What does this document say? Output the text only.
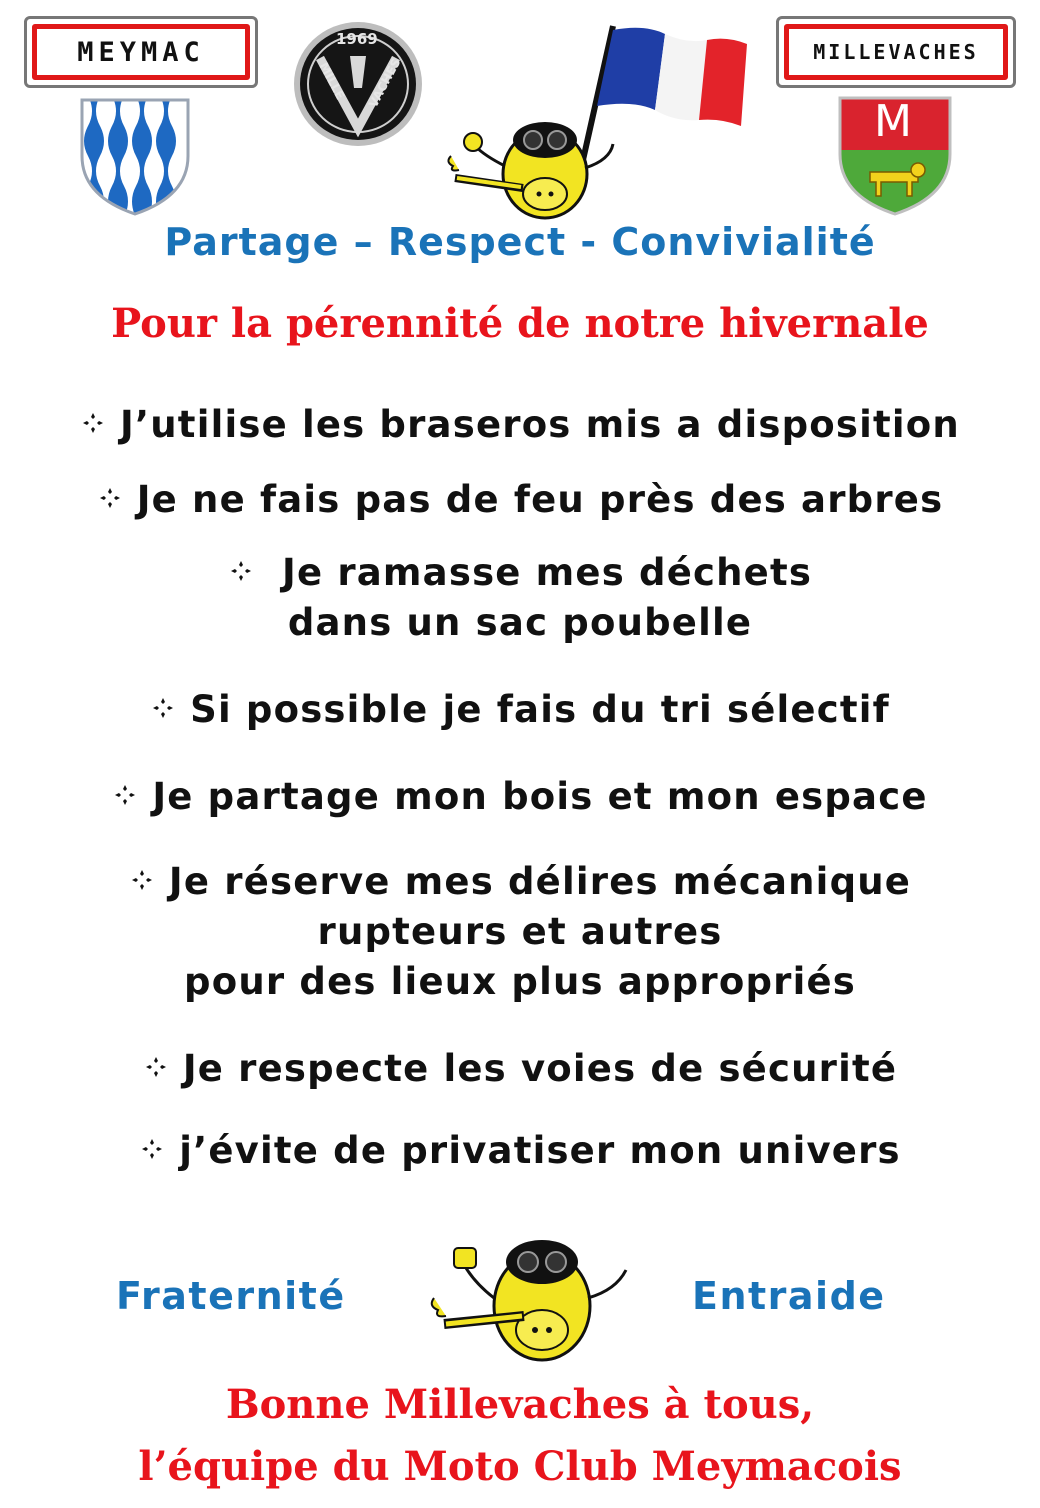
MEYMAC	1969
MILLE VACHES
MILLEVACHES
M
Partage – Respect - Convivialité
Pour la pérennité de notre hivernale
J’utilise les braseros mis a disposition
Je ne fais pas de feu près des arbres
Je ramasse mes déchets
dans un sac poubelle
Si possible je fais du tri sélectif
Je partage mon bois et mon espace
Je réserve mes délires mécanique
rupteurs et autres
pour des lieux plus appropriés
Je respecte les voies de sécurité
j’évite de privatiser mon univers
Fraternité	Entraide
Bonne Millevaches à tous,
l’équipe du Moto Club Meymacois
